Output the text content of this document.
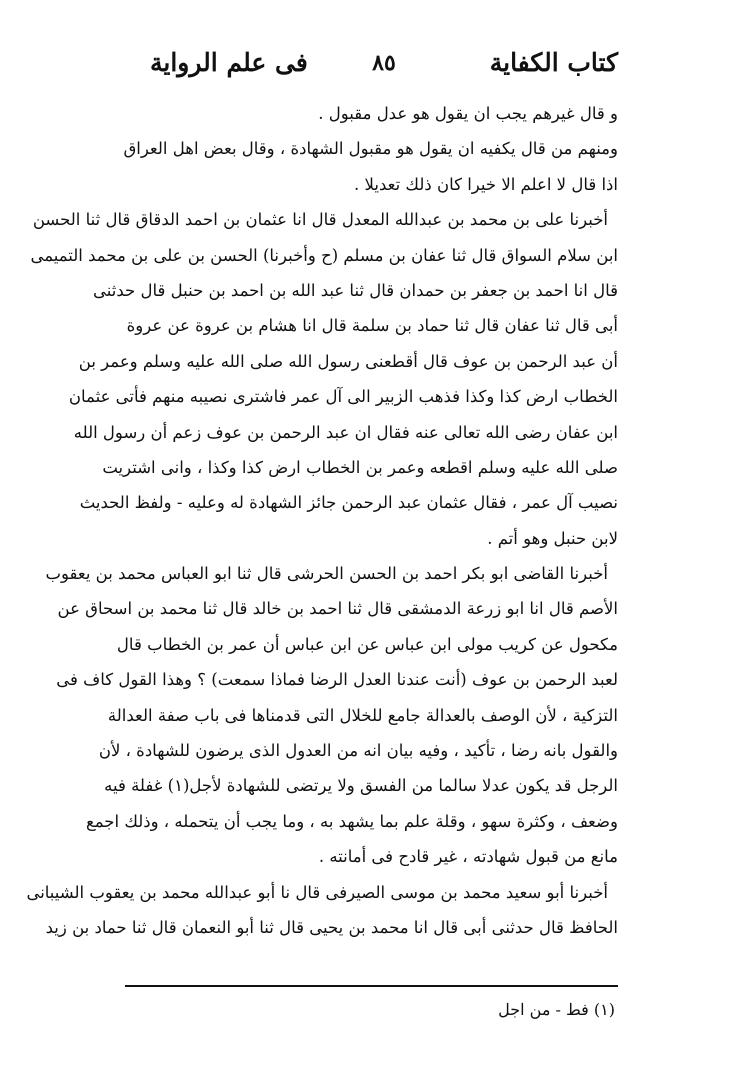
كتاب الكفاية
٨٥
فى علم الرواية
و قال غيرهم يجب ان يقول هو عدل مقبول .
ومنهم من قال يكفيه ان يقول هو مقبول الشهادة ، وقال بعض اهل العراق
اذا قال لا اعلم الا خيرا كان ذلك تعديلا .
أخبرنا على بن محمد بن عبدالله المعدل قال انا عثمان بن احمد الدقاق قال ثنا الحسن
ابن سلام السواق قال ثنا عفان بن مسلم (ح وأخبرنا) الحسن بن على بن محمد التميمى
قال انا احمد بن جعفر بن حمدان قال ثنا عبد الله بن احمد بن حنبل قال حدثنى
أبى قال ثنا عفان قال ثنا حماد بن سلمة قال انا هشام بن عروة عن عروة
أن عبد الرحمن بن عوف قال أقطعنى رسول الله صلى الله عليه وسلم وعمر بن
الخطاب ارض كذا وكذا فذهب الزبير الى آل عمر فاشترى نصيبه منهم فأتى عثمان
ابن عفان رضى الله تعالى عنه فقال ان عبد الرحمن بن عوف زعم أن رسول الله
صلى الله عليه وسلم اقطعه وعمر بن الخطاب ارض كذا وكذا ، وانى اشتريت
نصيب آل عمر ، فقال عثمان عبد الرحمن جائز الشهادة له وعليه - ولفظ الحديث
لابن حنبل وهو أتم .
أخبرنا القاضى ابو بكر احمد بن الحسن الحرشى قال ثنا ابو العباس محمد بن يعقوب
الأصم قال انا ابو زرعة الدمشقى قال ثنا احمد بن خالد قال ثنا محمد بن اسحاق عن
مكحول عن كريب مولى ابن عباس عن ابن عباس أن عمر بن الخطاب قال
لعبد الرحمن بن عوف (أنت عندنا العدل الرضا فماذا سمعت) ؟ وهذا القول كاف فى
التزكية ، لأن الوصف بالعدالة جامع للخلال التى قدمناها فى باب صفة العدالة
والقول بانه رضا ، تأكيد ، وفيه بيان انه من العدول الذى يرضون للشهادة ، لأن
الرجل قد يكون عدلا سالما من الفسق ولا يرتضى للشهادة لأجل(١) غفلة فيه
وضعف ، وكثرة سهو ، وقلة علم بما يشهد به ، وما يجب أن يتحمله ، وذلك اجمع
مانع من قبول شهادته ، غير قادح فى أمانته .
أخبرنا أبو سعيد محمد بن موسى الصيرفى قال نا أبو عبدالله محمد بن يعقوب الشيبانى
الحافظ قال حدثنى أبى قال انا محمد بن يحيى قال ثنا أبو النعمان قال ثنا حماد بن زيد
(١) فط - من اجل
